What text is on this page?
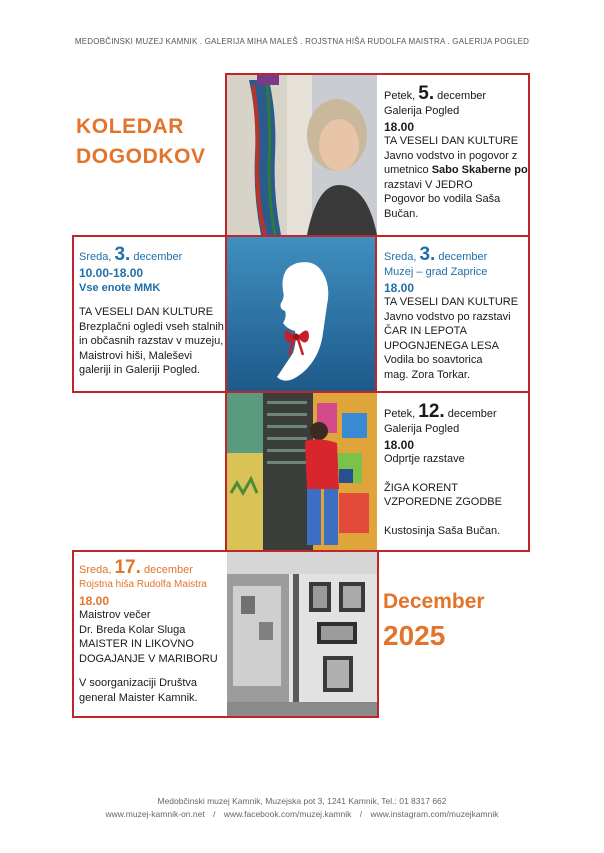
MEDOBČINSKI MUZEJ KAMNIK . GALERIJA MIHA MALEŠ . ROJSTNA HIŠA RUDOLFA MAISTRA . GALERIJA POGLED
KOLEDAR
DOGODKOV
Petek, 5. december
Galerija Pogled
18.00
TA VESELI DAN KULTURE
Javno vodstvo in pogovor z
umetnico Sabo Skaberne po
razstavi V JEDRO
Pogovor bo vodila Saša
Bučan.
Sreda, 3. december
10.00-18.00
Vse enote MMK
TA VESELI DAN KULTURE
Brezplačni ogledi vseh stalnih
in občasnih razstav v muzeju,
Maistrovi hiši, Maleševi
galeriji in Galeriji Pogled.
Sreda, 3. december
Muzej – grad Zaprice
18.00
TA VESELI DAN KULTURE
Javno vodstvo po razstavi
ČAR IN LEPOTA
UPOGNJENEGA LESA
Vodila bo soavtorica
mag. Zora Torkar.
Petek, 12. december
Galerija Pogled
18.00
Odprtje razstave
ŽIGA KORENT
VZPOREDNE ZGODBE
Kustosinja Saša Bučan.
Sreda, 17. december
Rojstna hiša Rudolfa Maistra
18.00
Maistrov večer
Dr. Breda Kolar Sluga
MAISTER IN LIKOVNO
DOGAJANJE V MARIBORU
V soorganizaciji Društva
general Maister Kamnik.
December
2025
Medobčinski muzej Kamnik, Muzejska pot 3, 1241 Kamnik, Tel.: 01 8317 662
www.muzej-kamnik-on.net / www.facebook.com/muzej.kamnik / www.instagram.com/muzejkamnik
